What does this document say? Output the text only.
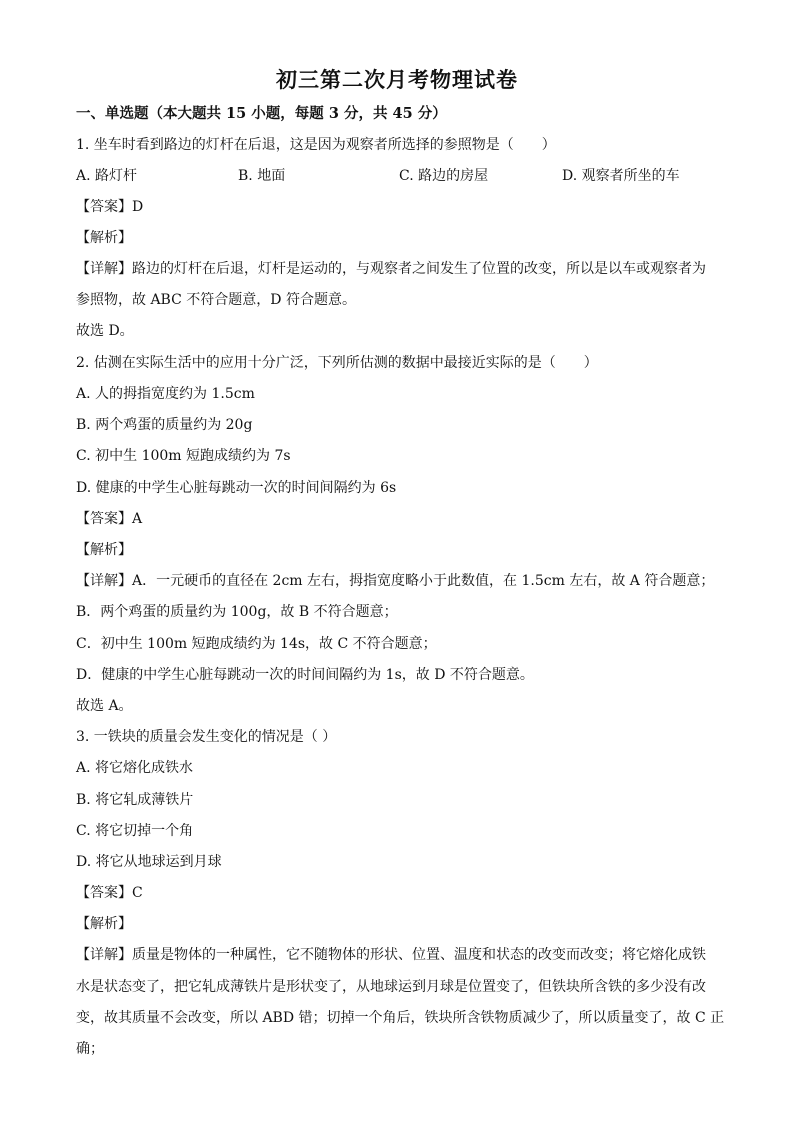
初三第二次月考物理试卷
一、单选题（本大题共 15 小题，每题 3 分，共 45 分）
1. 坐车时看到路边的灯杆在后退，这是因为观察者所选择的参照物是（　　）
A. 路灯杆	B. 地面	C. 路边的房屋	D. 观察者所坐的车
【答案】D
【解析】
【详解】路边的灯杆在后退，灯杆是运动的，与观察者之间发生了位置的改变，所以是以车或观察者为
参照物，故 ABC 不符合题意，D 符合题意。
故选 D。
2. 估测在实际生活中的应用十分广泛，下列所估测的数据中最接近实际的是（　　）
A. 人的拇指宽度约为 1.5cm
B. 两个鸡蛋的质量约为 20g
C. 初中生 100m 短跑成绩约为 7s
D. 健康的中学生心脏每跳动一次的时间间隔约为 6s
【答案】A
【解析】
【详解】A．一元硬币的直径在 2cm 左右，拇指宽度略小于此数值，在 1.5cm 左右，故 A 符合题意；
B．两个鸡蛋的质量约为 100g，故 B 不符合题意；
C．初中生 100m 短跑成绩约为 14s，故 C 不符合题意；
D．健康的中学生心脏每跳动一次的时间间隔约为 1s，故 D 不符合题意。
故选 A。
3. 一铁块的质量会发生变化的情况是（ ）
A. 将它熔化成铁水
B. 将它轧成薄铁片
C. 将它切掉一个角
D. 将它从地球运到月球
【答案】C
【解析】
【详解】质量是物体的一种属性，它不随物体的形状、位置、温度和状态的改变而改变；将它熔化成铁
水是状态变了，把它轧成薄铁片是形状变了，从地球运到月球是位置变了，但铁块所含铁的多少没有改
变，故其质量不会改变，所以 ABD 错；切掉一个角后，铁块所含铁物质减少了，所以质量变了，故 C 正
确；
